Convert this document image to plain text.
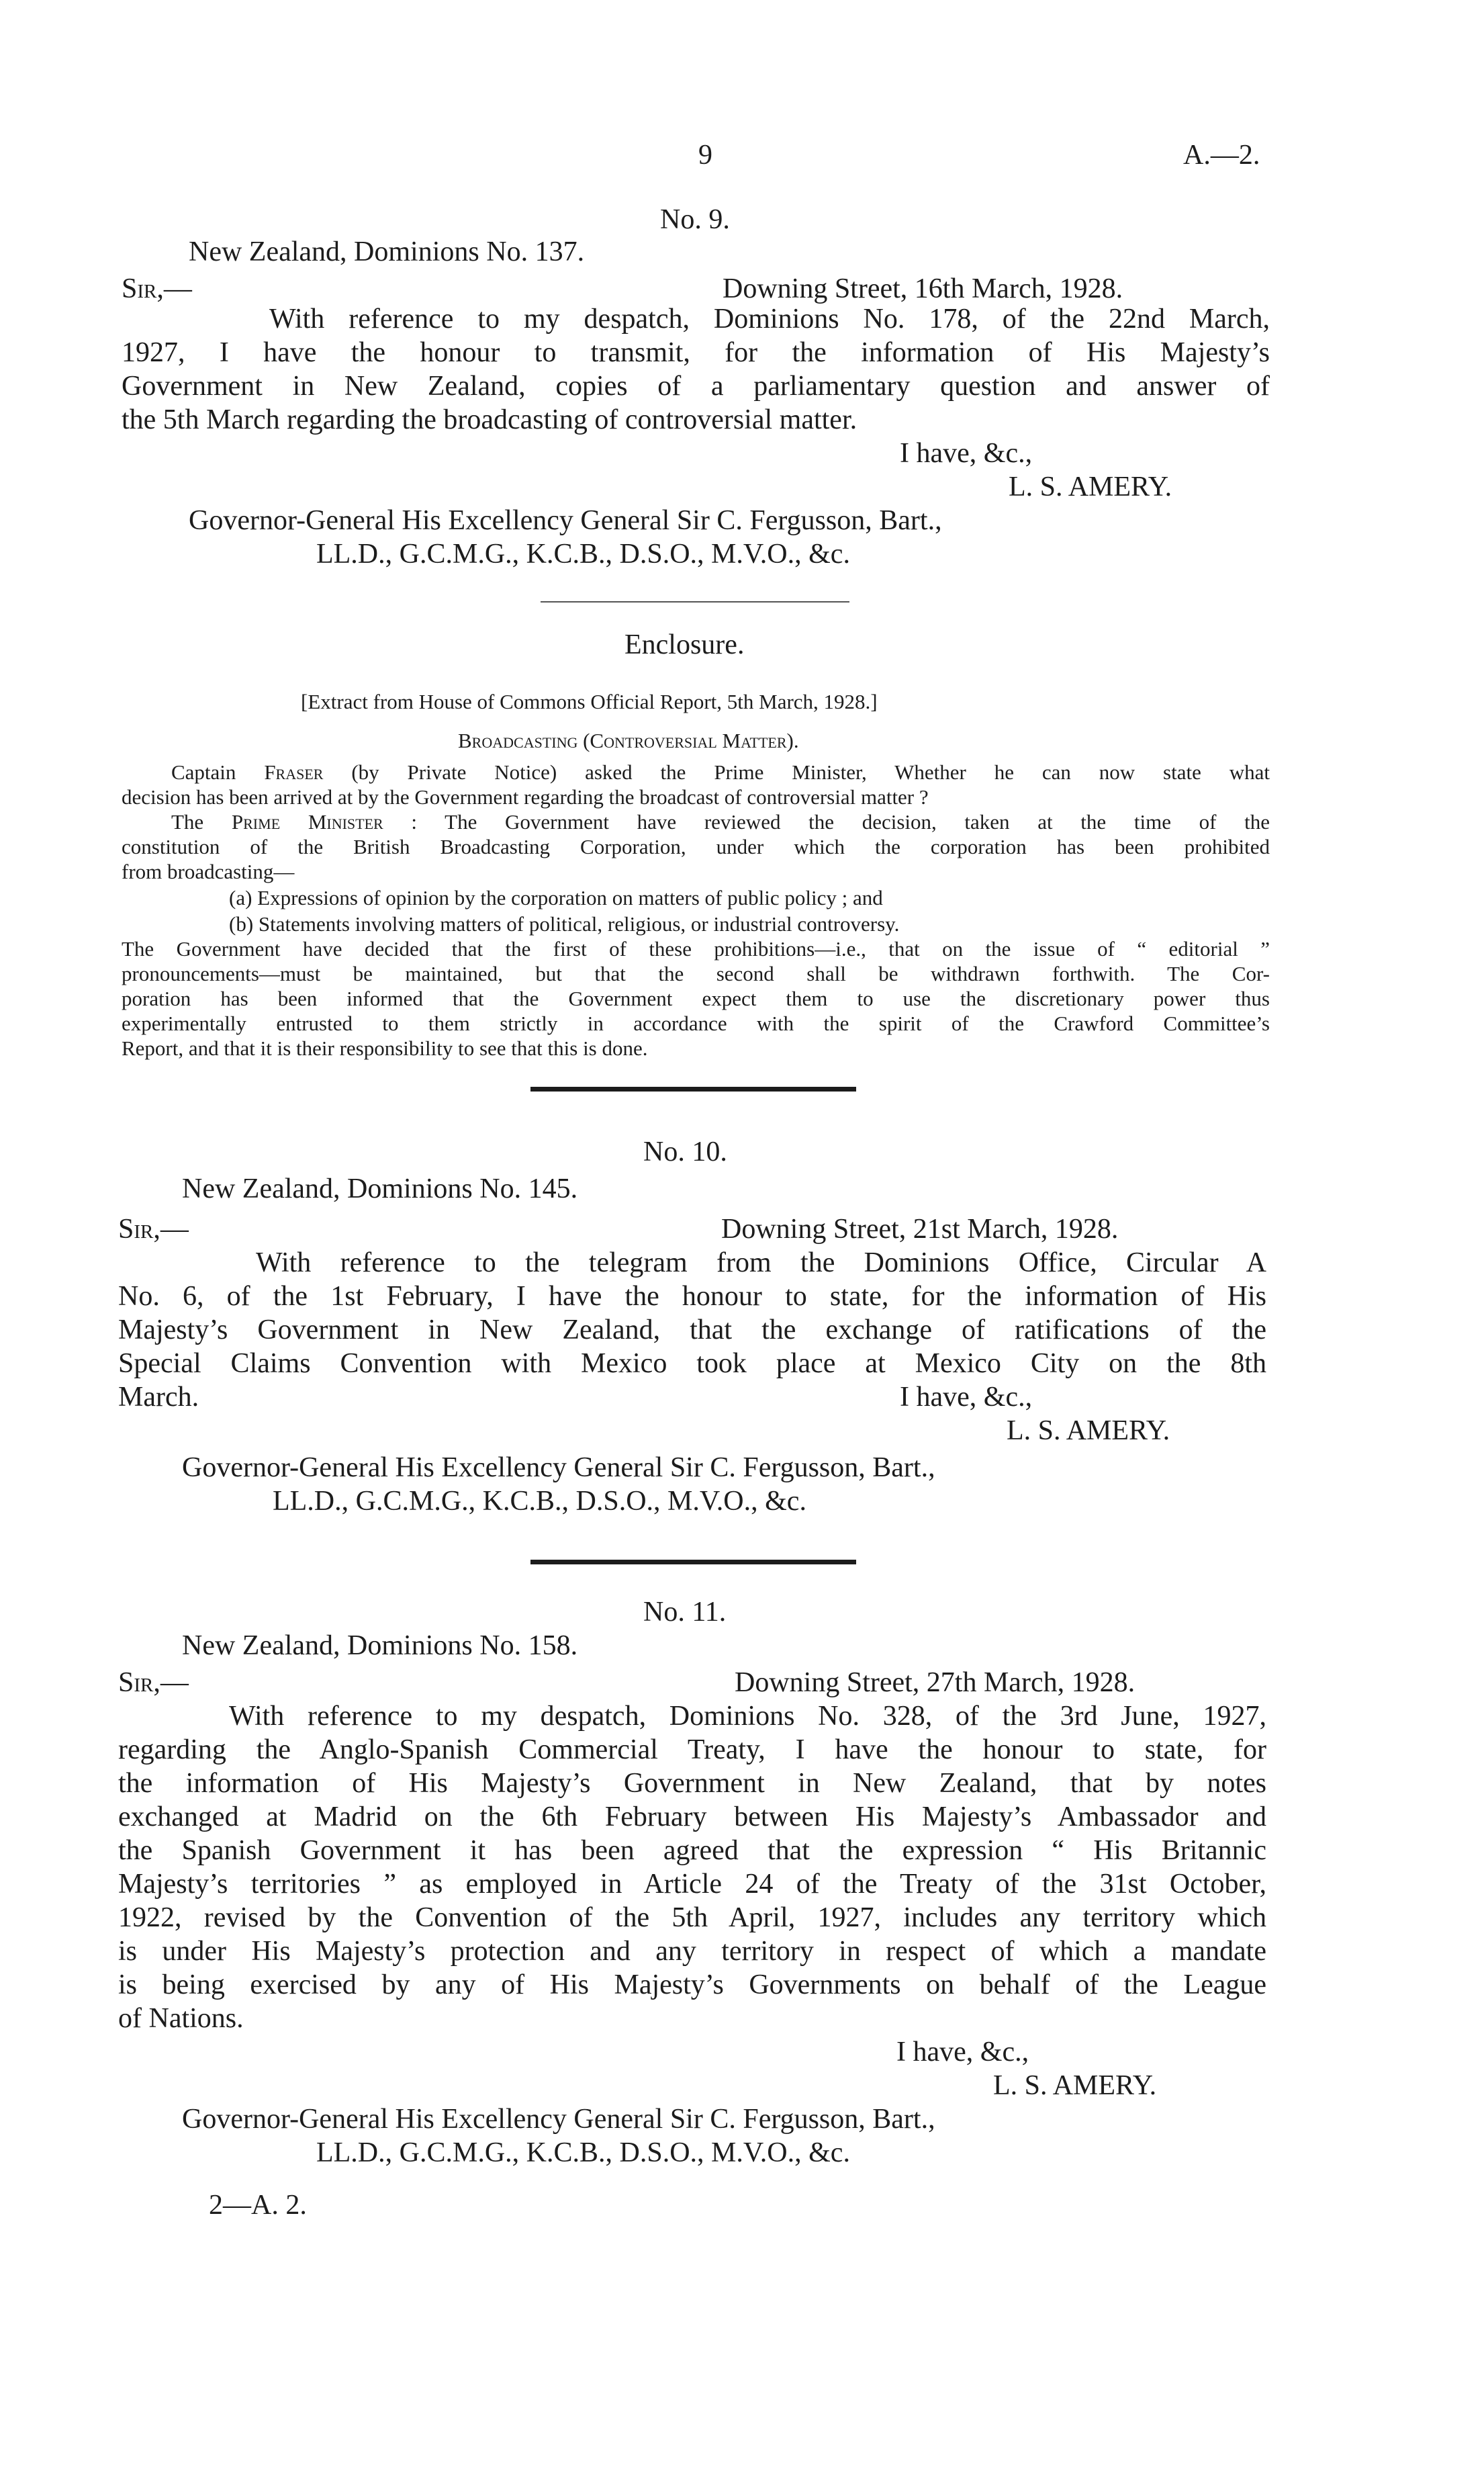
9	A.—2.
No. 9.
New Zealand, Dominions No. 137.
Sir,—	Downing Street, 16th March, 1928.
With reference to my despatch, Dominions No. 178, of the 22nd March,
1927, I have the honour to transmit, for the information of His Majesty’s
Government in New Zealand, copies of a parliamentary question and answer of
the 5th March regarding the broadcasting of controversial matter.
I have, &c.,
L. S. AMERY.
Governor-General His Excellency General Sir C. Fergusson, Bart.,
LL.D., G.C.M.G., K.C.B., D.S.O., M.V.O., &c.
Enclosure.
[Extract from House of Commons Official Report, 5th March, 1928.]
Broadcasting (Controversial Matter).
Captain Fraser (by Private Notice) asked the Prime Minister, Whether he can now state what
decision has been arrived at by the Government regarding the broadcast of controversial matter ?
The Prime Minister : The Government have reviewed the decision, taken at the time of the
constitution of the British Broadcasting Corporation, under which the corporation has been prohibited
from broadcasting—
(a) Expressions of opinion by the corporation on matters of public policy ; and
(b) Statements involving matters of political, religious, or industrial controversy.
The Government have decided that the first of these prohibitions—i.e., that on the issue of “ editorial ”
pronouncements—must be maintained, but that the second shall be withdrawn forthwith. The Cor-
poration has been informed that the Government expect them to use the discretionary power thus
experimentally entrusted to them strictly in accordance with the spirit of the Crawford Committee’s
Report, and that it is their responsibility to see that this is done.
No. 10.
New Zealand, Dominions No. 145.
Sir,—	Downing Street, 21st March, 1928.
With reference to the telegram from the Dominions Office, Circular A
No. 6, of the 1st February, I have the honour to state, for the information of His
Majesty’s Government in New Zealand, that the exchange of ratifications of the
Special Claims Convention with Mexico took place at Mexico City on the 8th
March.	I have, &c.,
L. S. AMERY.
Governor-General His Excellency General Sir C. Fergusson, Bart.,
LL.D., G.C.M.G., K.C.B., D.S.O., M.V.O., &c.
No. 11.
New Zealand, Dominions No. 158.
Sir,—	Downing Street, 27th March, 1928.
With reference to my despatch, Dominions No. 328, of the 3rd June, 1927,
regarding the Anglo-Spanish Commercial Treaty, I have the honour to state, for
the information of His Majesty’s Government in New Zealand, that by notes
exchanged at Madrid on the 6th February between His Majesty’s Ambassador and
the Spanish Government it has been agreed that the expression “ His Britannic
Majesty’s territories ” as employed in Article 24 of the Treaty of the 31st October,
1922, revised by the Convention of the 5th April, 1927, includes any territory which
is under His Majesty’s protection and any territory in respect of which a mandate
is being exercised by any of His Majesty’s Governments on behalf of the League
of Nations.
I have, &c.,
L. S. AMERY.
Governor-General His Excellency General Sir C. Fergusson, Bart.,
LL.D., G.C.M.G., K.C.B., D.S.O., M.V.O., &c.
2—A. 2.
